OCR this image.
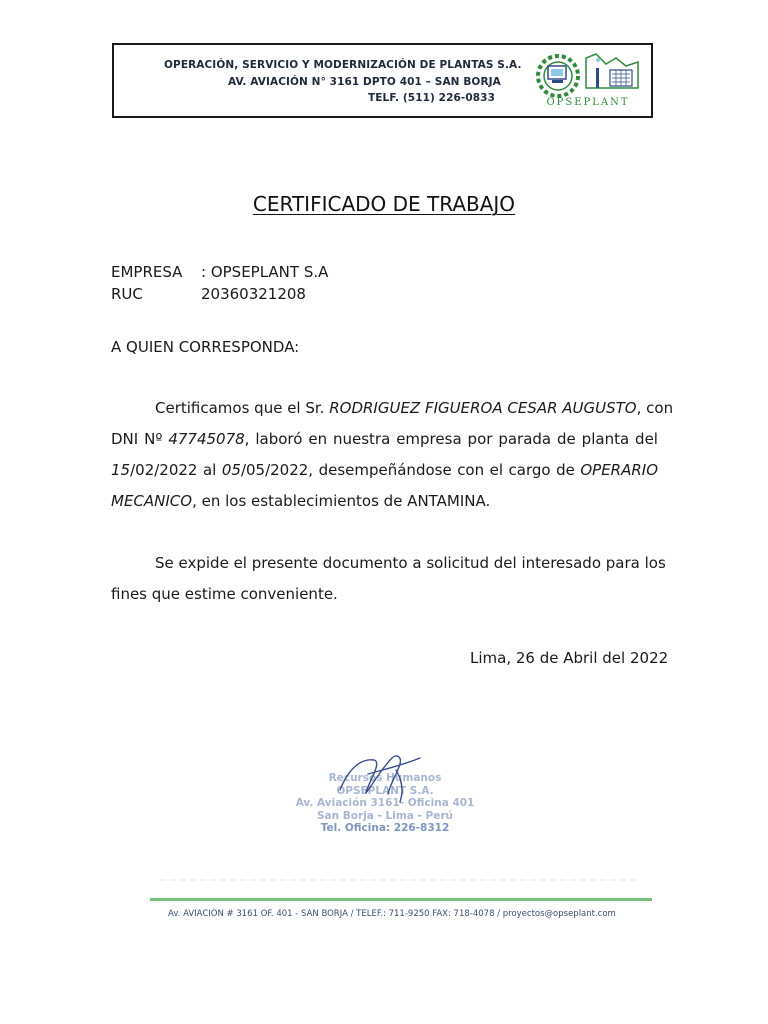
OPERACIÓN, SERVICIO Y MODERNIZACIÓN DE PLANTAS S.A.
AV. AVIACIÓN N° 3161 DPTO 401 – SAN BORJA
TELF. (511) 226-0833	OPSEPLANT
CERTIFICADO DE TRABAJO
EMPRESA : OPSEPLANT S.A
RUC	20360321208
A QUIEN CORRESPONDA:
Certificamos que el Sr. RODRIGUEZ FIGUEROA CESAR AUGUSTO, con
DNI Nº 47745078, laboró en nuestra empresa por parada de planta del
15/02/2022 al 05/05/2022, desempeñándose con el cargo de OPERARIO
MECANICO, en los establecimientos de ANTAMINA.
Se expide el presente documento a solicitud del interesado para los
fines que estime conveniente.
Lima, 26 de Abril del 2022
Recursos Humanos
OPSEPLANT S.A.
Av. Aviación 3161- Oficina 401
San Borja - Lima - Perú
Tel. Oficina: 226-8312
Av. AVIACION # 3161 OF. 401 - SAN BORJA / TELEF.: 711-9250 FAX: 718-4078 / proyectos@opseplant.com
